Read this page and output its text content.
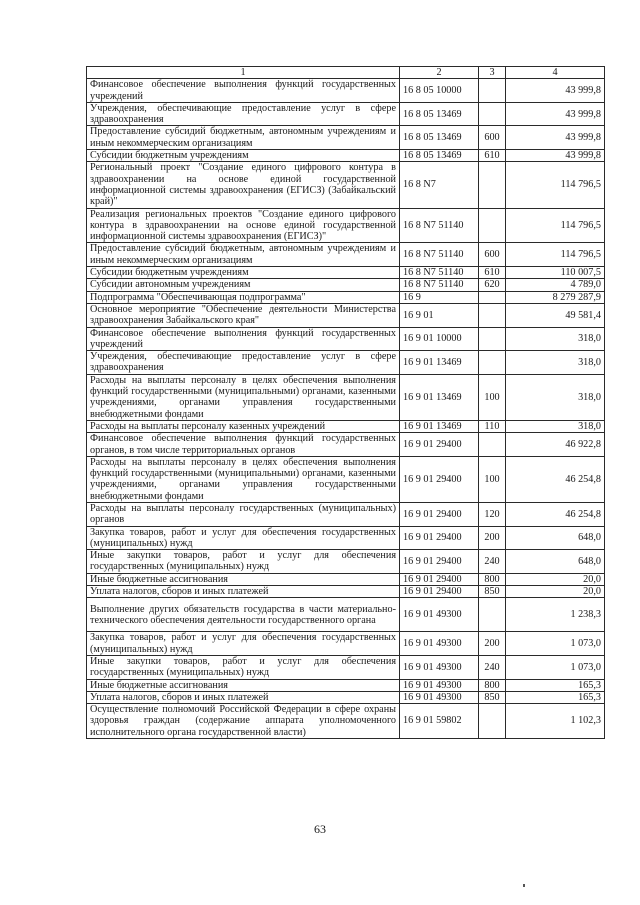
1	2	3	4
Финансовое обеспечение выполнения функций государственных учреждений	16 8 05 10000		43 999,8
Учреждения, обеспечивающие предоставление услуг в сфере здравоохранения	16 8 05 13469		43 999,8
Предоставление субсидий бюджетным, автономным учреждениям и иным некоммерческим организациям	16 8 05 13469	600	43 999,8
Субсидии бюджетным учреждениям	16 8 05 13469	610	43 999,8
Региональный проект "Создание единого цифрового контура в здравоохранении на основе единой государственной информационной системы здравоохранения (ЕГИСЗ) (Забайкальский край)"	16 8 N7		114 796,5
Реализация региональных проектов "Создание единого цифрового контура в здравоохранении на основе единой государственной информационной системы здравоохранения (ЕГИСЗ)"	16 8 N7 51140		114 796,5
Предоставление субсидий бюджетным, автономным учреждениям и иным некоммерческим организациям	16 8 N7 51140	600	114 796,5
Субсидии бюджетным учреждениям	16 8 N7 51140	610	110 007,5
Субсидии автономным учреждениям	16 8 N7 51140	620	4 789,0
Подпрограмма "Обеспечивающая подпрограмма"	16 9		8 279 287,9
Основное мероприятие "Обеспечение деятельности Министерства здравоохранения Забайкальского края"	16 9 01		49 581,4
Финансовое обеспечение выполнения функций государственных учреждений	16 9 01 10000		318,0
Учреждения, обеспечивающие предоставление услуг в сфере здравоохранения	16 9 01 13469		318,0
Расходы на выплаты персоналу в целях обеспечения выполнения функций государственными (муниципальными) органами, казенными учреждениями, органами управления государственными внебюджетными фондами	16 9 01 13469	100	318,0
Расходы на выплаты персоналу казенных учреждений	16 9 01 13469	110	318,0
Финансовое обеспечение выполнения функций государственных органов, в том числе территориальных органов	16 9 01 29400		46 922,8
Расходы на выплаты персоналу в целях обеспечения выполнения функций государственными (муниципальными) органами, казенными учреждениями, органами управления государственными внебюджетными фондами	16 9 01 29400	100	46 254,8
Расходы на выплаты персоналу государственных (муниципальных) органов	16 9 01 29400	120	46 254,8
Закупка товаров, работ и услуг для обеспечения государственных (муниципальных) нужд	16 9 01 29400	200	648,0
Иные закупки товаров, работ и услуг для обеспечения государственных (муниципальных) нужд	16 9 01 29400	240	648,0
Иные бюджетные ассигнования	16 9 01 29400	800	20,0
Уплата налогов, сборов и иных платежей	16 9 01 29400	850	20,0
Выполнение других обязательств государства в части материально-технического обеспечения деятельности государственного органа	16 9 01 49300		1 238,3
Закупка товаров, работ и услуг для обеспечения государственных (муниципальных) нужд	16 9 01 49300	200	1 073,0
Иные закупки товаров, работ и услуг для обеспечения государственных (муниципальных) нужд	16 9 01 49300	240	1 073,0
Иные бюджетные ассигнования	16 9 01 49300	800	165,3
Уплата налогов, сборов и иных платежей	16 9 01 49300	850	165,3
Осуществление полномочий Российской Федерации в сфере охраны здоровья граждан (содержание аппарата уполномоченного исполнительного органа государственной власти)	16 9 01 59802		1 102,3
63
